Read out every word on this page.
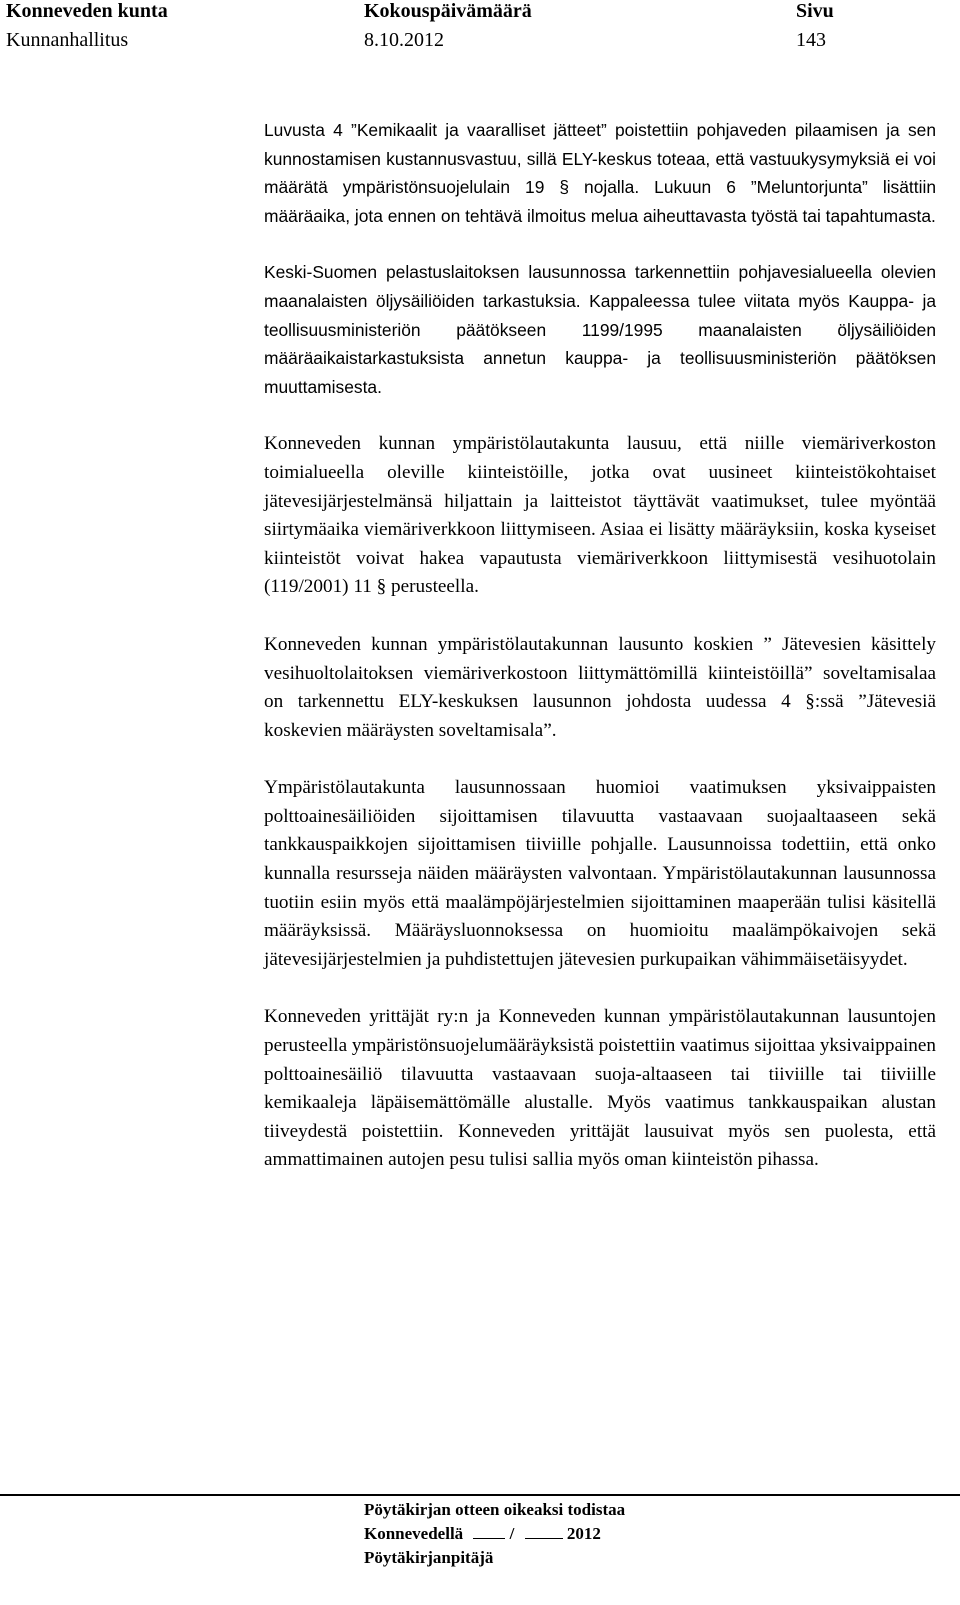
Konneveden kunta
Kunnanhallitus
Kokouspäivämäärä
8.10.2012
Sivu
143

Luvusta 4 ”Kemikaalit ja vaaralliset jätteet” poistettiin pohjaveden pilaamisen ja sen kunnostamisen kustannusvastuu, sillä ELY-keskus toteaa, että vastuukysymyksiä ei voi määrätä ympäristönsuojelulain 19 § nojalla. Lukuun 6 ”Meluntorjunta” lisättiin määräaika, jota ennen on tehtävä ilmoitus melua aiheuttavasta työstä tai tapahtumasta.

Keski-Suomen pelastuslaitoksen lausunnossa tarkennettiin pohjavesialueella olevien maanalaisten öljysäiliöiden tarkastuksia. Kappaleessa tulee viitata myös Kauppa- ja teollisuusministeriön päätökseen 1199/1995 maanalaisten öljysäiliöiden määräaikaistarkastuksista annetun kauppa- ja teollisuusministeriön päätöksen muuttamisesta.

Konneveden kunnan ympäristölautakunta lausuu, että niille viemäriverkoston toimialueella oleville kiinteistöille, jotka ovat uusineet kiinteistökohtaiset jätevesijärjestelmänsä hiljattain ja laitteistot täyttävät vaatimukset, tulee myöntää siirtymäaika viemäriverkkoon liittymiseen. Asiaa ei lisätty määräyksiin, koska kyseiset kiinteistöt voivat hakea vapautusta viemäriverkkoon liittymisestä vesihuotolain (119/2001) 11 § perusteella.

Konneveden kunnan ympäristölautakunnan lausunto koskien ” Jätevesien käsittely vesihuoltolaitoksen viemäriverkostoon liittymättömillä kiinteistöillä” soveltamisalaa on tarkennettu ELY-keskuksen lausunnon johdosta uudessa 4 §:ssä ”Jätevesiä koskevien määräysten soveltamisala”.

Ympäristölautakunta lausunnossaan huomioi vaatimuksen yksivaippaisten polttoainesäiliöiden sijoittamisen tilavuutta vastaavaan suojaaltaaseen sekä tankkauspaikkojen sijoittamisen tiiviille pohjalle. Lausunnoissa todettiin, että onko kunnalla resursseja näiden määräysten valvontaan. Ympäristölautakunnan lausunnossa tuotiin esiin myös että maalämpöjärjestelmien sijoittaminen maaperään tulisi käsitellä määräyksissä. Määräysluonnoksessa on huomioitu maalämpökaivojen sekä jätevesijärjestelmien ja puhdistettujen jätevesien purkupaikan vähimmäisetäisyydet.

Konneveden yrittäjät ry:n ja Konneveden kunnan ympäristölautakunnan lausuntojen perusteella ympäristönsuojelumääräyksistä poistettiin vaatimus sijoittaa yksivaippainen polttoainesäiliö tilavuutta vastaavaan suoja-altaaseen tai tiiviille tai tiiviille kemikaaleja läpäisemättömälle alustalle. Myös vaatimus tankkauspaikan alustan tiiveydestä poistettiin. Konneveden yrittäjät lausuivat myös sen puolesta, että ammattimainen autojen pesu tulisi sallia myös oman kiinteistön pihassa.

Pöytäkirjan otteen oikeaksi todistaa
Konnevedellä	/	2012
Pöytäkirjanpitäjä
